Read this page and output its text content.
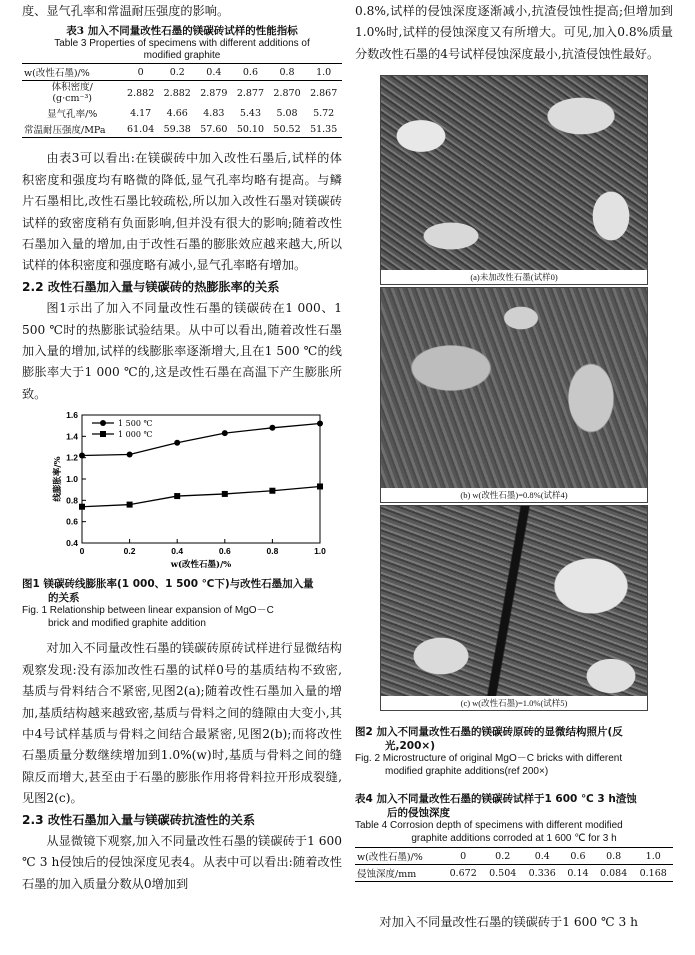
度、显气孔率和常温耐压强度的影响。

表3 加入不同量改性石墨的镁碳砖试样的性能指标
Table 3 Properties of specimens with different additions of
modified graphite
w(改性石墨)/%	0	0.2	0.4	0.6	0.8	1.0

体积密度/
(g·cm⁻³)	2.882	2.882	2.879	2.877	2.870	2.867
显气孔率/%	4.17	4.66	4.83	5.43	5.08	5.72
常温耐压强度/MPa	61.04	59.38	57.60	50.10	50.52	51.35

由表3可以看出:在镁碳砖中加入改性石墨后,试样的体积密度和强度均有略微的降低,显气孔率均略有提高。与鳞片石墨相比,改性石墨比较疏松,所以加入改性石墨对镁碳砖试样的致密度稍有负面影响,但并没有很大的影响;随着改性石墨加入量的增加,由于改性石墨的膨胀效应越来越大,所以试样的体积密度和强度略有减小,显气孔率略有增加。

2.2 改性石墨加入量与镁碳砖的热膨胀率的关系

图1示出了加入不同量改性石墨的镁碳砖在1 000、1 500 ℃时的热膨胀试验结果。从中可以看出,随着改性石墨加入量的增加,试样的线膨胀率逐渐增大,且在1 500 ℃的线膨胀率大于1 000 ℃的,这是改性石墨在高温下产生膨胀所致。

0.4
0.6
0.8
1.0
1.2
1.4
1.6
0	0.2	0.4	0.6	0.8	1.0
w(改性石墨)/%
线膨胀率/%
1 500 ℃
1 000 ℃
图1 镁碳砖线膨胀率(1 000、1 500 ℃下)与改性石墨加入量
的关系
Fig. 1 Relationship between linear expansion of MgO－C
brick and modified graphite addition

对加入不同量改性石墨的镁碳砖原砖试样进行显微结构观察发现:没有添加改性石墨的试样0号的基质结构不致密,基质与骨料结合不紧密,见图2(a);随着改性石墨加入量的增加,基质结构越来越致密,基质与骨料之间的缝隙由大变小,其中4号试样基质与骨料之间结合最紧密,见图2(b);而将改性石墨质量分数继续增加到1.0%(w)时,基质与骨料之间的缝隙反而增大,甚至由于石墨的膨胀作用将骨料拉开形成裂缝,见图2(c)。

2.3 改性石墨加入量与镁碳砖抗渣性的关系

从显微镜下观察,加入不同量改性石墨的镁碳砖于1 600 ℃ 3 h侵蚀后的侵蚀深度见表4。从表中可以看出:随着改性石墨的加入质量分数从0增加到

0.8%,试样的侵蚀深度逐渐减小,抗渣侵蚀性提高;但增加到1.0%时,试样的侵蚀深度又有所增大。可见,加入0.8%质量分数改性石墨的4号试样侵蚀深度最小,抗渣侵蚀性最好。

(a)未加改性石墨(试样0)
(b) w(改性石墨)=0.8%(试样4)
(c) w(改性石墨)=1.0%(试样5)
图2 加入不同量改性石墨的镁碳砖原砖的显微结构照片(反
光,200×)
Fig. 2 Microstructure of original MgO－C bricks with different
modified graphite additions(ref 200×)
表4 加入不同量改性石墨的镁碳砖试样于1 600 ℃ 3 h渣蚀
后的侵蚀深度
Table 4 Corrosion depth of specimens with different modified
graphite additions corroded at 1 600 ℃ for 3 h
w(改性石墨)/%	0	0.2	0.4	0.6	0.8	1.0
侵蚀深度/mm	0.672	0.504	0.336	0.14	0.084	0.168

对加入不同量改性石墨的镁碳砖于1 600 ℃ 3 h
